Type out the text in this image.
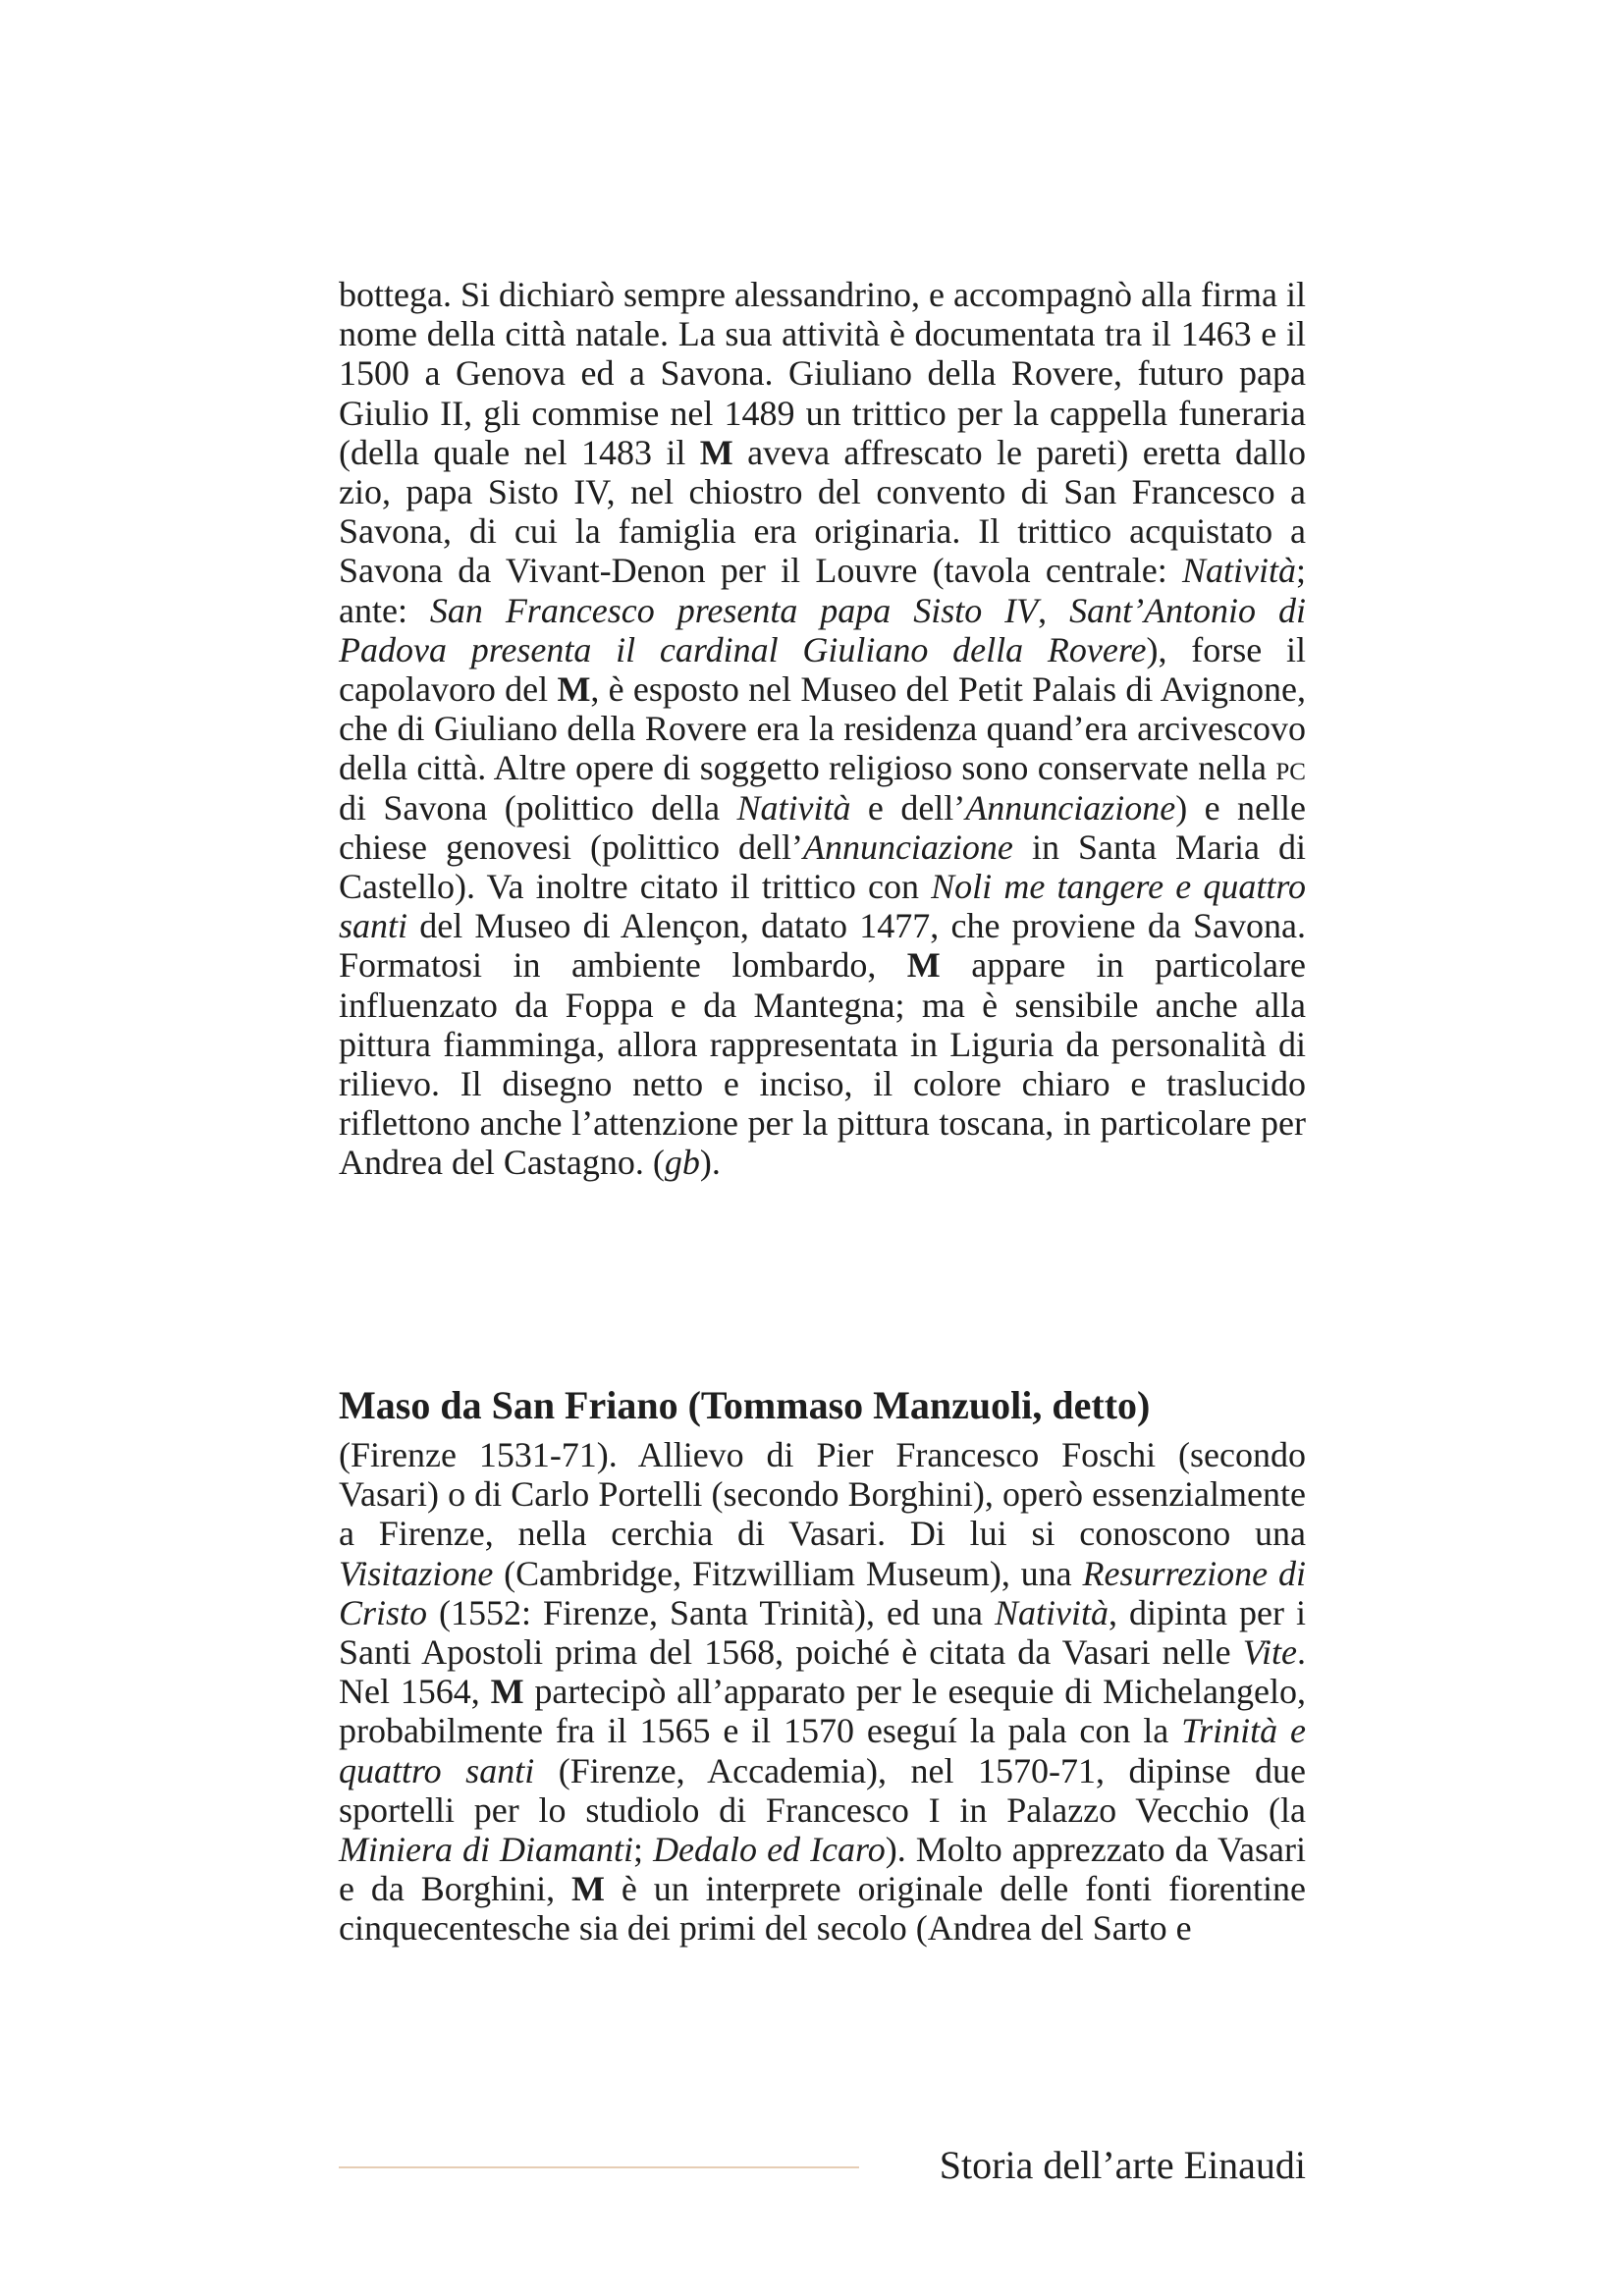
bottega. Si dichiarò sempre alessandrino, e accompagnò alla firma il nome della città natale. La sua attività è documentata tra il 1463 e il 1500 a Genova ed a Savona. Giuliano della Rovere, futuro papa Giulio II, gli commise nel 1489 un trittico per la cappella funeraria (della quale nel 1483 il M aveva affrescato le pareti) eretta dallo zio, papa Sisto IV, nel chiostro del convento di San Francesco a Savona, di cui la famiglia era originaria. Il trittico acquistato a Savona da Vivant-Denon per il Louvre (tavola centrale: Natività; ante: San Francesco presenta papa Sisto IV, Sant’Antonio di Padova presenta il cardinal Giuliano della Rovere), forse il capolavoro del M, è esposto nel Museo del Petit Palais di Avignone, che di Giuliano della Rovere era la residenza quand’era arcivescovo della città. Altre opere di soggetto religioso sono conservate nella pc di Savona (polittico della Natività e dell’Annunciazione) e nelle chiese genovesi (polittico dell’Annunciazione in Santa Maria di Castello). Va inoltre citato il trittico con Noli me tangere e quattro santi del Museo di Alençon, datato 1477, che proviene da Savona. Formatosi in ambiente lombardo, M appare in particolare influenzato da Foppa e da Mantegna; ma è sensibile anche alla pittura fiamminga, allora rappresentata in Liguria da personalità di rilievo. Il disegno netto e inciso, il colore chiaro e traslucido riflettono anche l’attenzione per la pittura toscana, in particolare per Andrea del Castagno. (gb).

Maso da San Friano (Tommaso Manzuoli, detto)

(Firenze 1531-71). Allievo di Pier Francesco Foschi (secondo Vasari) o di Carlo Portelli (secondo Borghini), operò essenzialmente a Firenze, nella cerchia di Vasari. Di lui si conoscono una Visitazione (Cambridge, Fitzwilliam Museum), una Resurrezione di Cristo (1552: Firenze, Santa Trinità), ed una Natività, dipinta per i Santi Apostoli prima del 1568, poiché è citata da Vasari nelle Vite. Nel 1564, M partecipò all’apparato per le esequie di Michelangelo, probabilmente fra il 1565 e il 1570 eseguí la pala con la Trinità e quattro santi (Firenze, Accademia), nel 1570-71, dipinse due sportelli per lo studiolo di Francesco I in Palazzo Vecchio (la Miniera di Diamanti; Dedalo ed Icaro). Molto apprezzato da Vasari e da Borghini, M è un interprete originale delle fonti fiorentine cinquecentesche sia dei primi del secolo (Andrea del Sarto e

Storia dell’arte Einaudi
